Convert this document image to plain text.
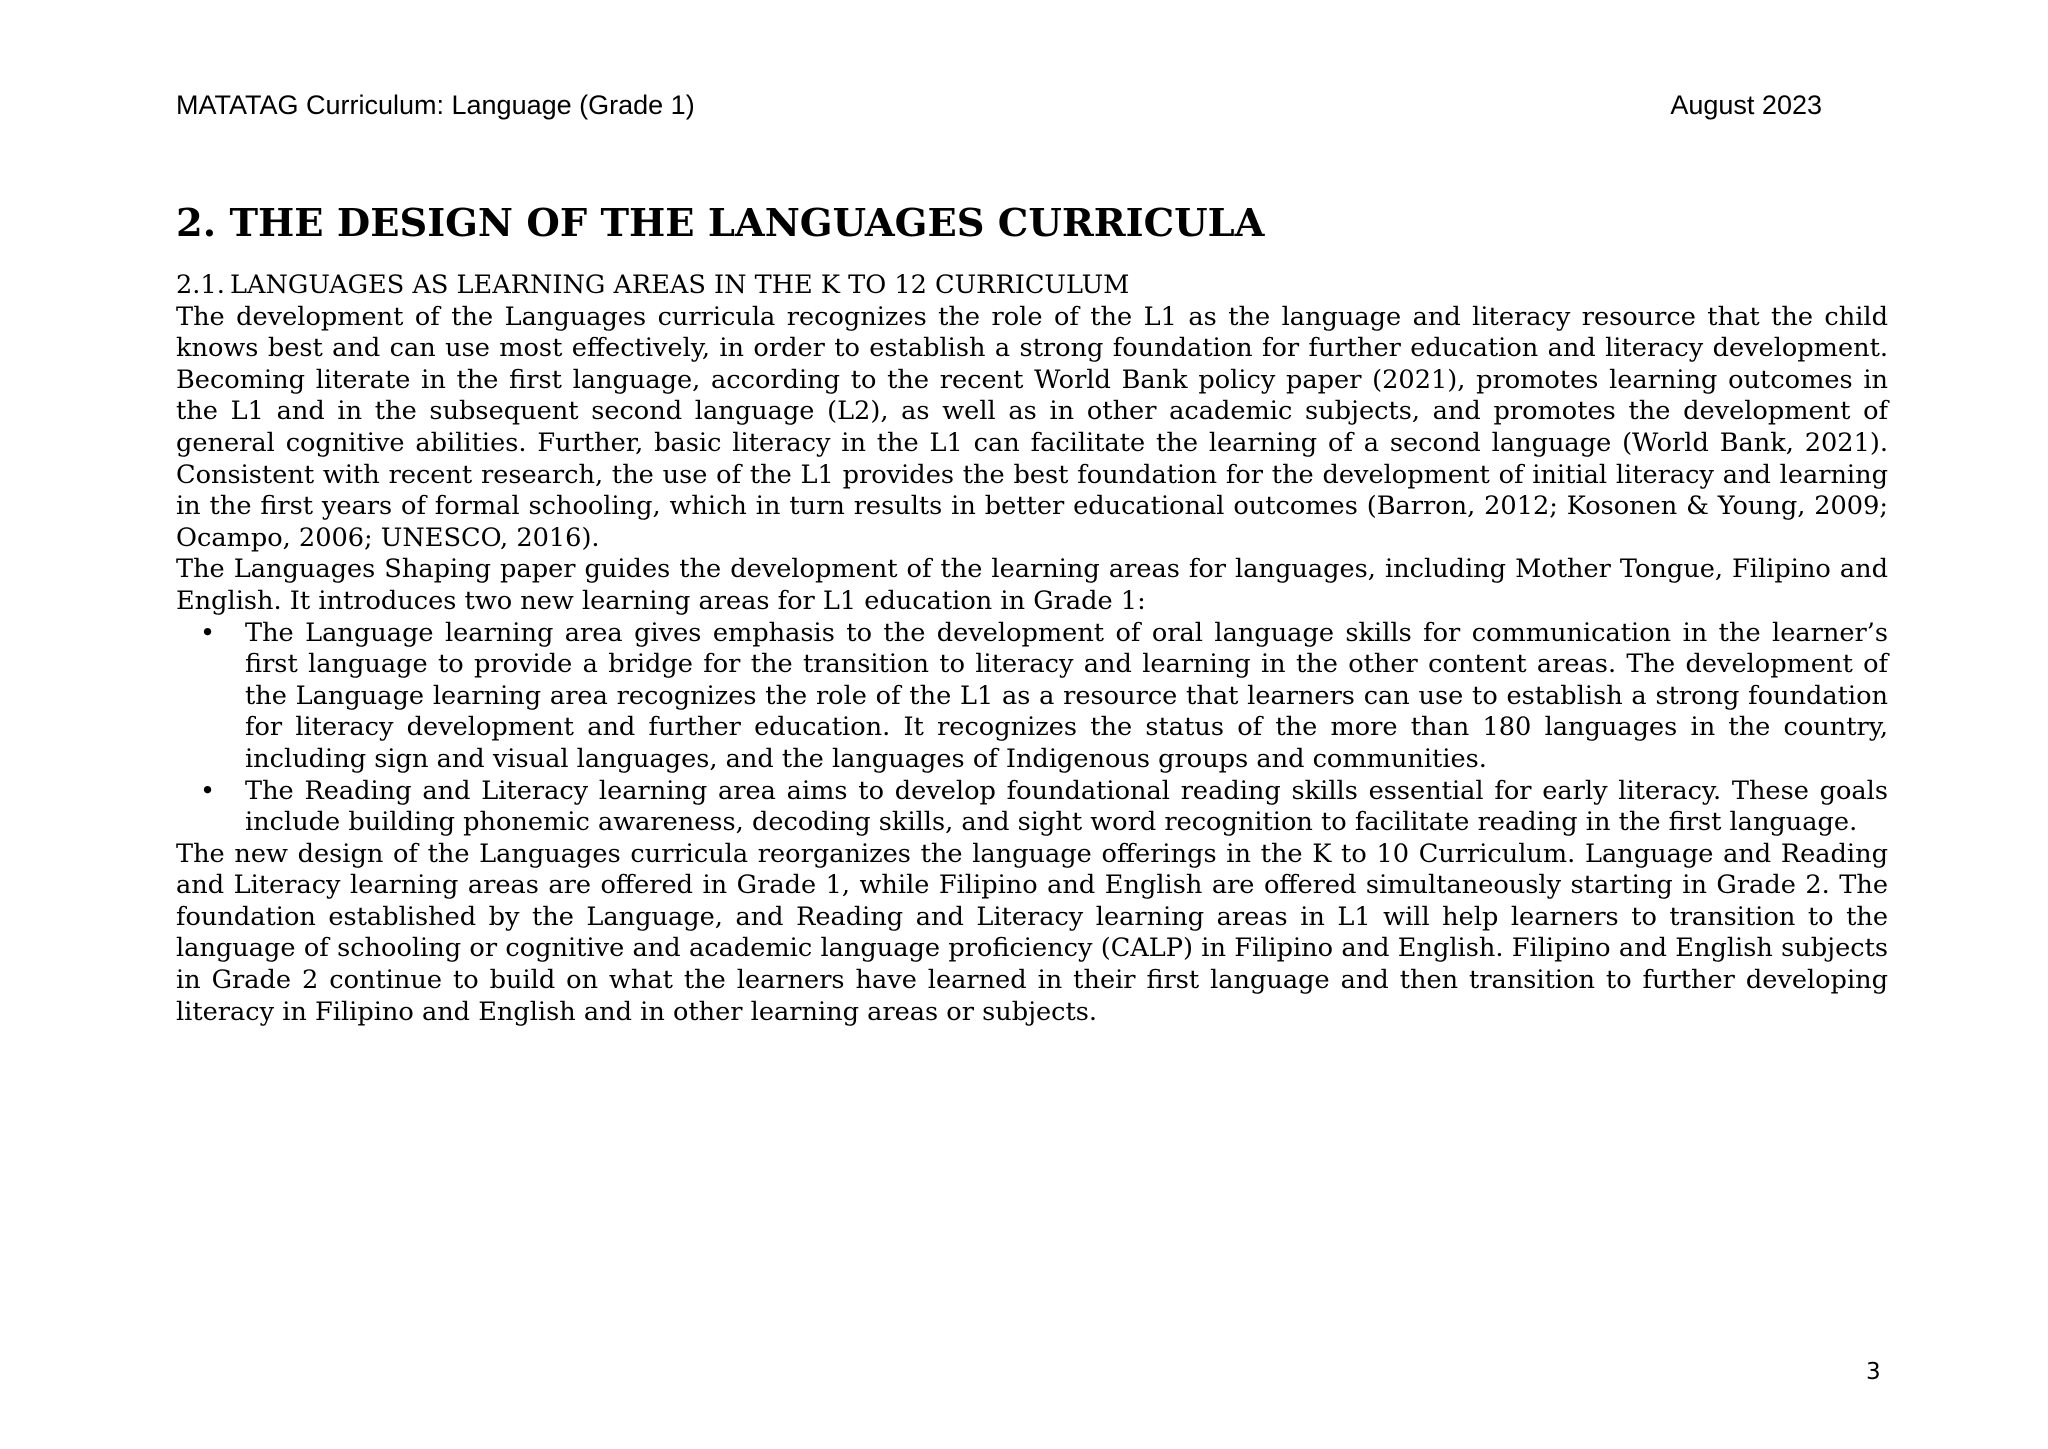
MATATAG Curriculum: Language (Grade 1)	August 2023
2. THE DESIGN OF THE LANGUAGES CURRICULA
2.1. LANGUAGES AS LEARNING AREAS IN THE K TO 12 CURRICULUM

The development of the Languages curricula recognizes the role of the L1 as the language and literacy resource that the child knows best and can use most effectively, in order to establish a strong foundation for further education and literacy development. Becoming literate in the first language, according to the recent World Bank policy paper (2021), promotes learning outcomes in the L1 and in the subsequent second language (L2), as well as in other academic subjects, and promotes the development of general cognitive abilities. Further, basic literacy in the L1 can facilitate the learning of a second language (World Bank, 2021). Consistent with recent research, the use of the L1 provides the best foundation for the development of initial literacy and learning in the first years of formal schooling, which in turn results in better educational outcomes (Barron, 2012; Kosonen & Young, 2009; Ocampo, 2006; UNESCO, 2016).

The Languages Shaping paper guides the development of the learning areas for languages, including Mother Tongue, Filipino and English. It introduces two new learning areas for L1 education in Grade 1:

• The Language learning area gives emphasis to the development of oral language skills for communication in the learner’s first language to provide a bridge for the transition to literacy and learning in the other content areas. The development of the Language learning area recognizes the role of the L1 as a resource that learners can use to establish a strong foundation for literacy development and further education. It recognizes the status of the more than 180 languages in the country, including sign and visual languages, and the languages of Indigenous groups and communities.
• The Reading and Literacy learning area aims to develop foundational reading skills essential for early literacy. These goals include building phonemic awareness, decoding skills, and sight word recognition to facilitate reading in the first language.

The new design of the Languages curricula reorganizes the language offerings in the K to 10 Curriculum. Language and Reading and Literacy learning areas are offered in Grade 1, while Filipino and English are offered simultaneously starting in Grade 2. The foundation established by the Language, and Reading and Literacy learning areas in L1 will help learners to transition to the language of schooling or cognitive and academic language proficiency (CALP) in Filipino and English. Filipino and English subjects in Grade 2 continue to build on what the learners have learned in their first language and then transition to further developing literacy in Filipino and English and in other learning areas or subjects.

3
